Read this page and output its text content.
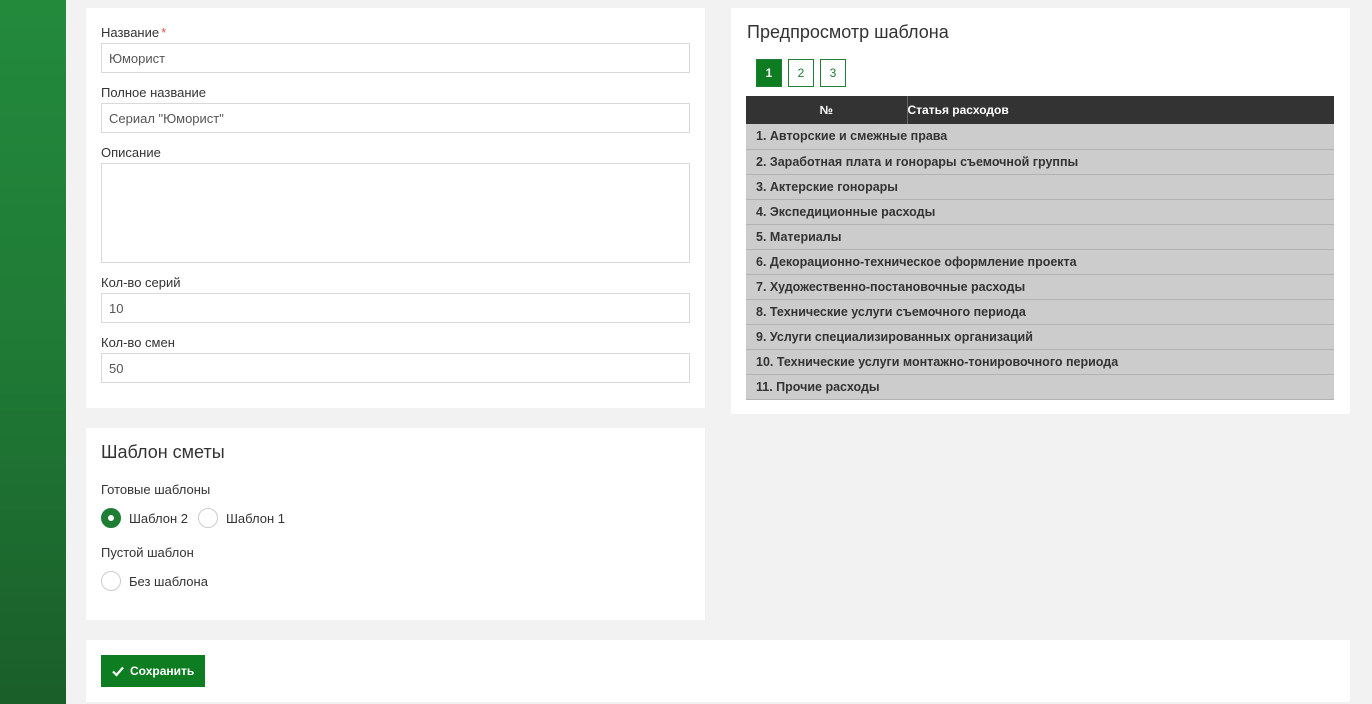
Название *
Юморист
Полное название
Сериал "Юморист"
Описание
Кол-во серий
10
Кол-во смен
50
Шаблон сметы
Готовые шаблоны
Шаблон 2	Шаблон 1
Пустой шаблон
Без шаблона
Предпросмотр шаблона
1	2	3
№	Статья расходов
1. Авторские и смежные права
2. Заработная плата и гонорары съемочной группы
3. Актерские гонорары
4. Экспедиционные расходы
5. Материалы
6. Декорационно-техническое оформление проекта
7. Художественно-постановочные расходы
8. Технические услуги съемочного периода
9. Услуги специализированных организаций
10. Технические услуги монтажно-тонировочного периода
11. Прочие расходы
Сохранить
